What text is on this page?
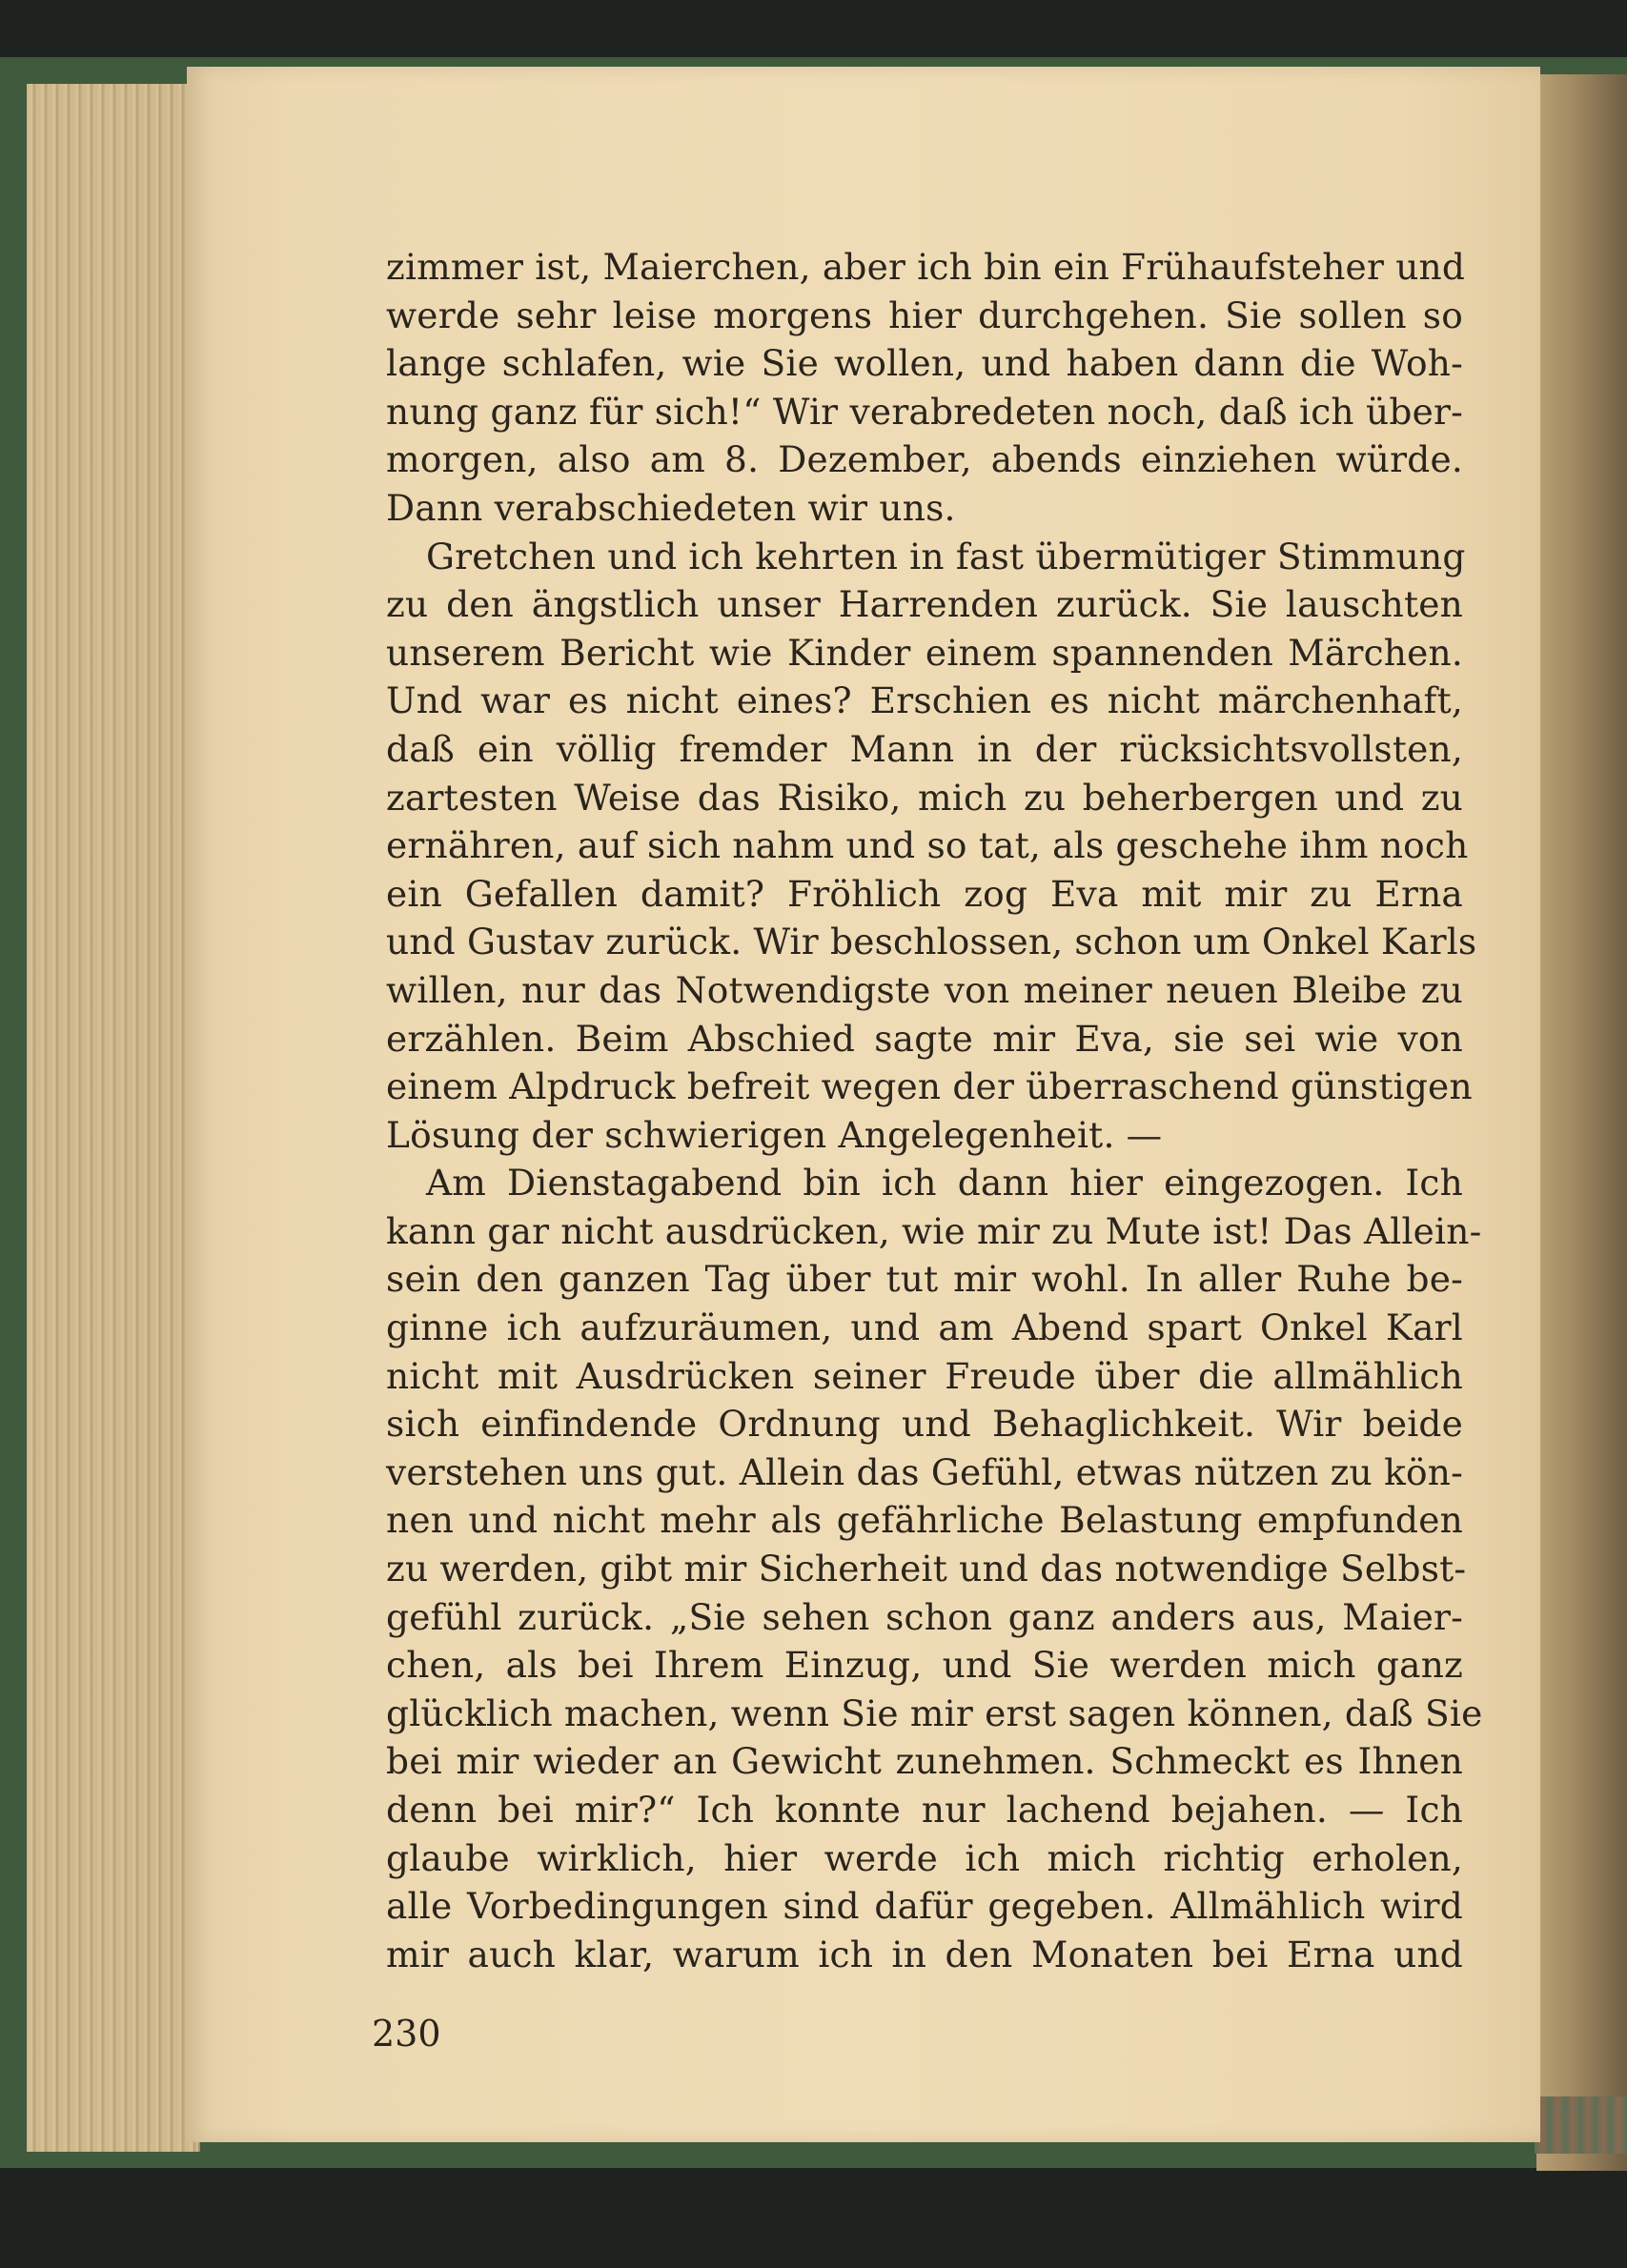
zimmer ist, Maierchen, aber ich bin ein Frühaufsteher und
werde sehr leise morgens hier durchgehen. Sie sollen so
lange schlafen, wie Sie wollen, und haben dann die Woh-
nung ganz für sich!“ Wir verabredeten noch, daß ich über-
morgen, also am 8. Dezember, abends einziehen würde.
Dann verabschiedeten wir uns.
Gretchen und ich kehrten in fast übermütiger Stimmung
zu den ängstlich unser Harrenden zurück. Sie lauschten
unserem Bericht wie Kinder einem spannenden Märchen.
Und war es nicht eines? Erschien es nicht märchenhaft,
daß ein völlig fremder Mann in der rücksichtsvollsten,
zartesten Weise das Risiko, mich zu beherbergen und zu
ernähren, auf sich nahm und so tat, als geschehe ihm noch
ein Gefallen damit? Fröhlich zog Eva mit mir zu Erna
und Gustav zurück. Wir beschlossen, schon um Onkel Karls
willen, nur das Notwendigste von meiner neuen Bleibe zu
erzählen. Beim Abschied sagte mir Eva, sie sei wie von
einem Alpdruck befreit wegen der überraschend günstigen
Lösung der schwierigen Angelegenheit. —
Am Dienstagabend bin ich dann hier eingezogen. Ich
kann gar nicht ausdrücken, wie mir zu Mute ist! Das Allein-
sein den ganzen Tag über tut mir wohl. In aller Ruhe be-
ginne ich aufzuräumen, und am Abend spart Onkel Karl
nicht mit Ausdrücken seiner Freude über die allmählich
sich einfindende Ordnung und Behaglichkeit. Wir beide
verstehen uns gut. Allein das Gefühl, etwas nützen zu kön-
nen und nicht mehr als gefährliche Belastung empfunden
zu werden, gibt mir Sicherheit und das notwendige Selbst-
gefühl zurück. „Sie sehen schon ganz anders aus, Maier-
chen, als bei Ihrem Einzug, und Sie werden mich ganz
glücklich machen, wenn Sie mir erst sagen können, daß Sie
bei mir wieder an Gewicht zunehmen. Schmeckt es Ihnen
denn bei mir?“ Ich konnte nur lachend bejahen. — Ich
glaube wirklich, hier werde ich mich richtig erholen,
alle Vorbedingungen sind dafür gegeben. Allmählich wird
mir auch klar, warum ich in den Monaten bei Erna und
230
